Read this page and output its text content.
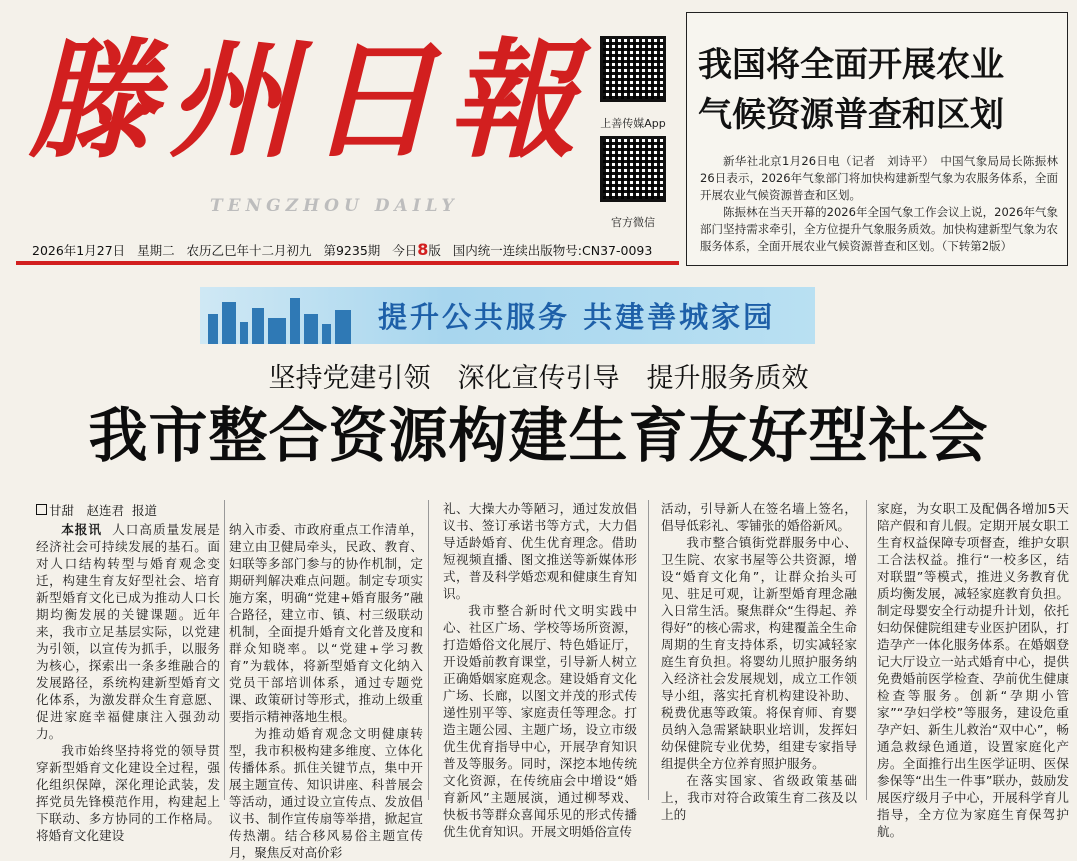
滕州日報
TENGZHOU DAILY
上善传媒App
官方微信
2026年1月27日 星期二 农历乙巳年十二月初九 第9235期 今日8版 国内统一连续出版物号:CN37-0093
我国将全面开展农业
气候资源普查和区划

新华社北京1月26日电（记者　刘诗平）　中国气象局局长陈振林26日表示，2026年气象部门将加快构建新型气象为农服务体系，全面开展农业气候资源普查和区划。

陈振林在当天开幕的2026年全国气象工作会议上说，2026年气象部门坚持需求牵引，全方位提升气象服务质效。加快构建新型气象为农服务体系，全面开展农业气候资源普查和区划。（下转第2版）

提升公共服务 共建善城家园
坚持党建引领　深化宣传引导　提升服务质效
我市整合资源构建生育友好型社会
甘甜　赵连君 报道

本报讯 人口高质量发展是经济社会可持续发展的基石。面对人口结构转型与婚育观念变迁，构建生育友好型社会、培育新型婚育文化已成为推动人口长期均衡发展的关键课题。近年来，我市立足基层实际，以党建为引领，以宣传为抓手，以服务为核心，探索出一条多维融合的发展路径，系统构建新型婚育文化体系，为激发群众生育意愿、促进家庭幸福健康注入强劲动力。

我市始终坚持将党的领导贯穿新型婚育文化建设全过程，强化组织保障，深化理论武装，发挥党员先锋模范作用，构建起上下联动、多方协同的工作格局。将婚育文化建设

纳入市委、市政府重点工作清单，建立由卫健局牵头，民政、教育、妇联等多部门参与的协作机制，定期研判解决难点问题。制定专项实施方案，明确“党建+婚育服务”融合路径，建立市、镇、村三级联动机制，全面提升婚育文化普及度和群众知晓率。以“党建+学习教育”为载体，将新型婚育文化纳入党员干部培训体系，通过专题党课、政策研讨等形式，推动上级重要指示精神落地生根。

为推动婚育观念文明健康转型，我市积极构建多维度、立体化传播体系。抓住关键节点，集中开展主题宣传、知识讲座、科普展会等活动，通过设立宣传点、发放倡议书、制作宣传扇等举措，掀起宣传热潮。结合移风易俗主题宣传月，聚焦反对高价彩

礼、大操大办等陋习，通过发放倡议书、签订承诺书等方式，大力倡导适龄婚育、优生优育理念。借助短视频直播、图文推送等新媒体形式，普及科学婚恋观和健康生育知识。

我市整合新时代文明实践中心、社区广场、学校等场所资源，打造婚俗文化展厅、特色婚证厅，开设婚前教育课堂，引导新人树立正确婚姻家庭观念。建设婚育文化广场、长廊，以图文并茂的形式传递性别平等、家庭责任等理念。打造主题公园、主题广场，设立市级优生优育指导中心，开展孕育知识普及等服务。同时，深挖本地传统文化资源，在传统庙会中增设“婚育新风”主题展演，通过柳琴戏、快板书等群众喜闻乐见的形式传播优生优育知识。开展文明婚俗宣传

活动，引导新人在签名墙上签名，倡导低彩礼、零铺张的婚俗新风。

我市整合镇街党群服务中心、卫生院、农家书屋等公共资源，增设“婚育文化角”，让群众抬头可见、驻足可观，让新型婚育理念融入日常生活。聚焦群众“生得起、养得好”的核心需求，构建覆盖全生命周期的生育支持体系，切实减轻家庭生育负担。将婴幼儿照护服务纳入经济社会发展规划，成立工作领导小组，落实托育机构建设补助、税费优惠等政策。将保育师、育婴员纳入急需紧缺职业培训，发挥妇幼保健院专业优势，组建专家指导组提供全方位养育照护服务。

在落实国家、省级政策基础上，我市对符合政策生育二孩及以上的

家庭，为女职工及配偶各增加5天陪产假和育儿假。定期开展女职工生育权益保障专项督查，维护女职工合法权益。推行“一校多区，结对联盟”等模式，推进义务教育优质均衡发展，减轻家庭教育负担。制定母婴安全行动提升计划，依托妇幼保健院组建专业医护团队，打造孕产一体化服务体系。在婚姻登记大厅设立一站式婚育中心，提供免费婚前医学检查、孕前优生健康检查等服务。创新“孕期小管家”“孕妇学校”等服务，建设危重孕产妇、新生儿救治“双中心”，畅通急救绿色通道，设置家庭化产房。全面推行出生医学证明、医保参保等“出生一件事”联办，鼓励发展医疗级月子中心，开展科学育儿指导，全方位为家庭生育保驾护航。
